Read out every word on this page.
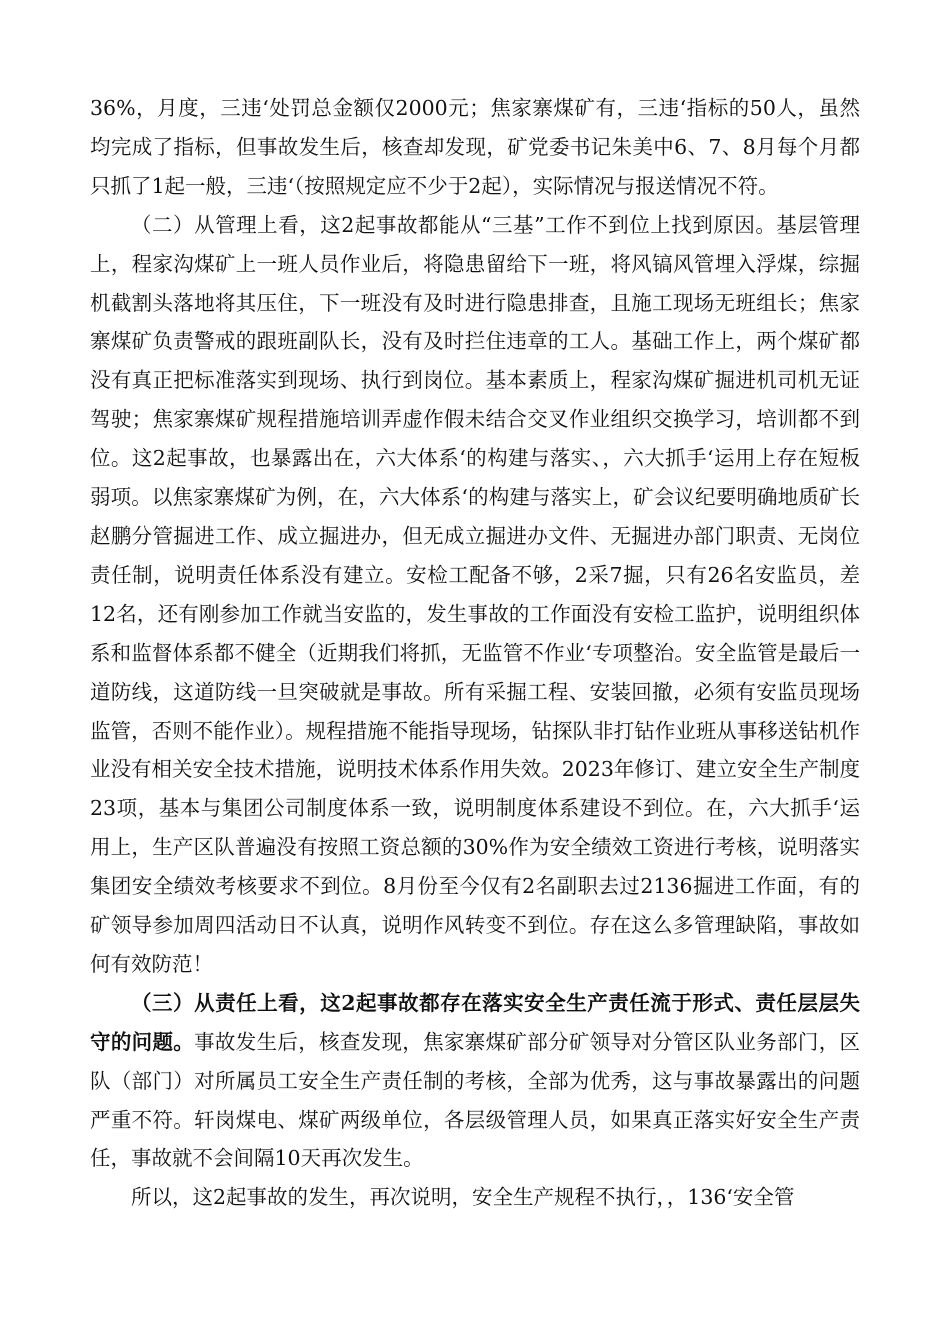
36%，月度，三违‘处罚总金额仅2000元；焦家寨煤矿有，三违‘指标的50人，虽然均完成了指标，但事故发生后，核查却发现，矿党委书记朱美中6、7、8月每个月都只抓了1起一般，三违‘（按照规定应不少于2起），实际情况与报送情况不符。

（二）从管理上看，这2起事故都能从“三基”工作不到位上找到原因。基层管理上，程家沟煤矿上一班人员作业后，将隐患留给下一班，将风镐风管埋入浮煤，综掘机截割头落地将其压住，下一班没有及时进行隐患排查，且施工现场无班组长；焦家寨煤矿负责警戒的跟班副队长，没有及时拦住违章的工人。基础工作上，两个煤矿都没有真正把标准落实到现场、执行到岗位。基本素质上，程家沟煤矿掘进机司机无证驾驶；焦家寨煤矿规程措施培训弄虚作假未结合交叉作业组织交换学习，培训都不到位。这2起事故，也暴露出在，六大体系‘的构建与落实、，六大抓手‘运用上存在短板弱项。以焦家寨煤矿为例，在，六大体系‘的构建与落实上，矿会议纪要明确地质矿长赵鹏分管掘进工作、成立掘进办，但无成立掘进办文件、无掘进办部门职责、无岗位责任制，说明责任体系没有建立。安检工配备不够，2采7掘，只有26名安监员，差12名，还有刚参加工作就当安监的，发生事故的工作面没有安检工监护，说明组织体系和监督体系都不健全（近期我们将抓，无监管不作业‘专项整治。安全监管是最后一道防线，这道防线一旦突破就是事故。所有采掘工程、安装回撤，必须有安监员现场监管，否则不能作业）。规程措施不能指导现场，钻探队非打钻作业班从事移送钻机作业没有相关安全技术措施，说明技术体系作用失效。2023年修订、建立安全生产制度23项，基本与集团公司制度体系一致，说明制度体系建设不到位。在，六大抓手‘运用上，生产区队普遍没有按照工资总额的30%作为安全绩效工资进行考核，说明落实集团安全绩效考核要求不到位。8月份至今仅有2名副职去过2136掘进工作面，有的矿领导参加周四活动日不认真，说明作风转变不到位。存在这么多管理缺陷，事故如何有效防范！

（三）从责任上看，这2起事故都存在落实安全生产责任流于形式、责任层层失守的问题。事故发生后，核查发现，焦家寨煤矿部分矿领导对分管区队业务部门，区队（部门）对所属员工安全生产责任制的考核，全部为优秀，这与事故暴露出的问题严重不符。轩岗煤电、煤矿两级单位，各层级管理人员，如果真正落实好安全生产责任，事故就不会间隔10天再次发生。

所以，这2起事故的发生，再次说明，安全生产规程不执行，，136‘安全管
